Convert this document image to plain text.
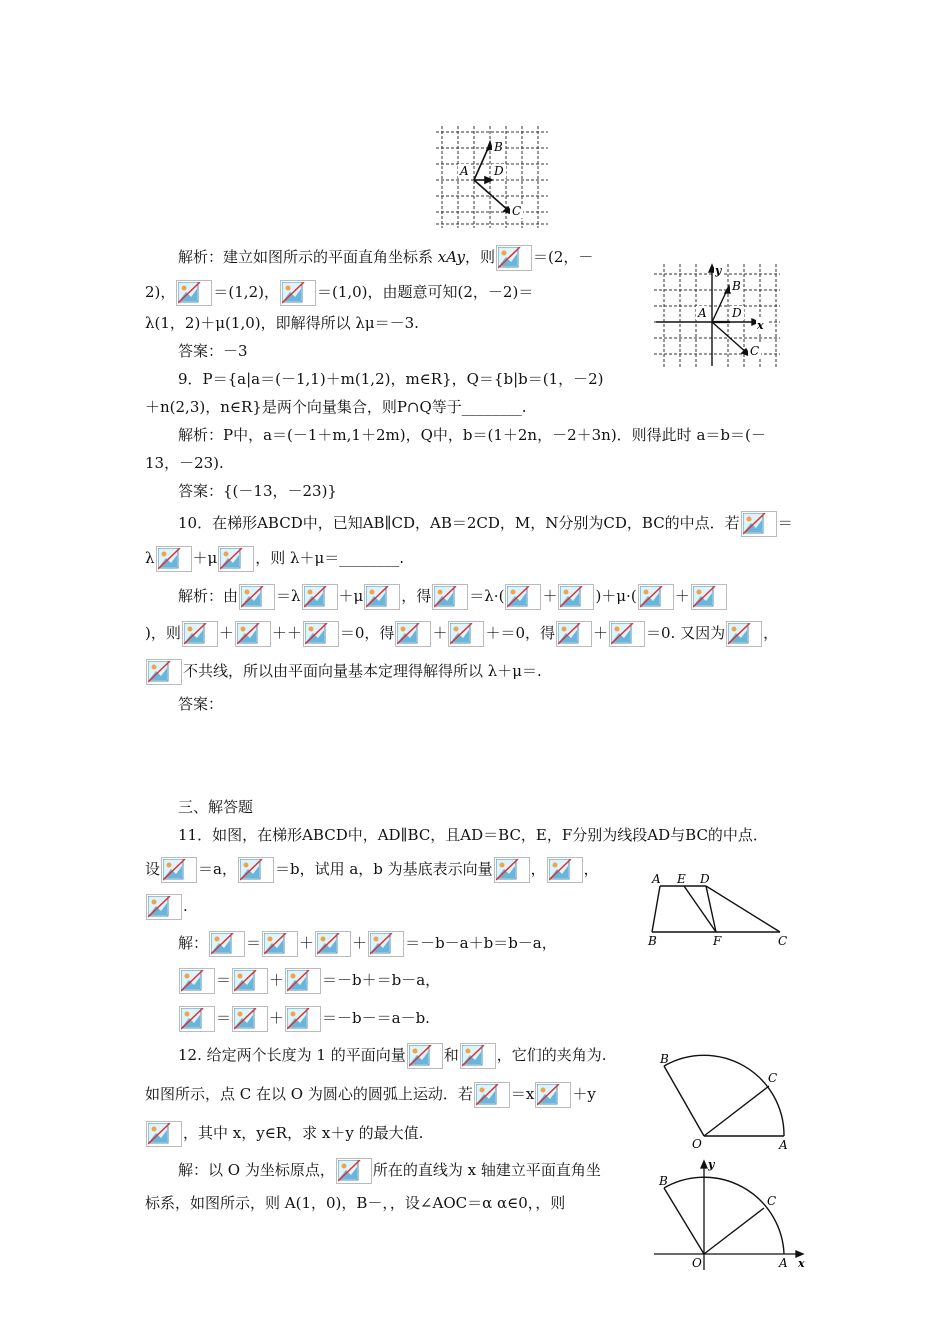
B
D
A
C
y
B
D
A
x
C
解析：建立如图所示的平面直角坐标系 xAy，则	＝(2，－
2)，	＝(1,2)，	＝(1,0)，由题意可知(2，－2)＝
λ(1，2)＋μ(1,0)，即解得所以 λμ＝－3.
答案：－3
9．P＝{a|a＝(－1,1)＋m(1,2)，m∈R}，Q＝{b|b＝(1，－2)
＋n(2,3)，n∈R}是两个向量集合，则P∩Q等于________.
解析：P中，a＝(－1＋m,1＋2m)，Q中，b＝(1＋2n，－2＋3n)．则得此时 a＝b＝(－
13，－23).
答案：{(－13，－23)}
10．在梯形ABCD中，已知AB∥CD，AB＝2CD，M，N分别为CD，BC的中点．若	＝
λ	＋μ	，则 λ＋μ＝________.
解析：由	＝λ	＋μ	，得	＝λ·(	＋	)＋μ·(	＋
)，则	＋	＋＋	＝0，得	＋	＋＝0，得	＋	＝0. 又因为	，
不共线，所以由平面向量基本定理得解得所以 λ＋μ＝.
答案：
三、解答题
11．如图，在梯形ABCD中，AD∥BC，且AD＝BC，E，F分别为线段AD与BC的中点．
设	＝a，	＝b，试用 a，b 为基底表示向量	，	，
.
解：	＝	＋	＋	＝－b－a＋b＝b－a，
＝	＋	＝－b＋＝b－a，
＝	＋	＝－b－＝a－b.
A E D
B	F	C
12. 给定两个长度为 1 的平面向量	和	，它们的夹角为.
如图所示，点 C 在以 O 为圆心的圆弧上运动．若	＝x	＋y
，其中 x，y∈R，求 x＋y 的最大值.
解：以 O 为坐标原点，	所在的直线为 x 轴建立平面直角坐
标系，如图所示，则 A(1，0)，B－，，设∠AOC＝α α∈0，，则
B
C
O	A
y
B
C
O	A x
